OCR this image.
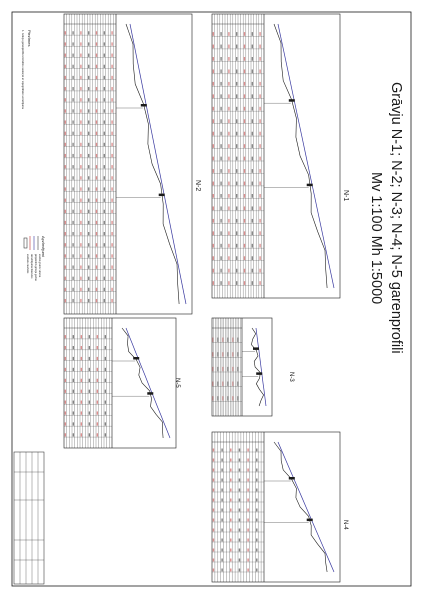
N-1
N-2
N-3
N-4
N-5
Grāvju N-1; N-2; N-3; N-4; N-5 garenprofili
Mv 1:100 Mh 1:5000
Piezīmes
1. Grāvju garenprofils izstrādāts saskaņā ar topogrāfisko uzmērījumu
Apzīmējumi
esošā grunts virsma
projektētā grāvja gultne
aizsērējuma biezums
esošais caurteks
